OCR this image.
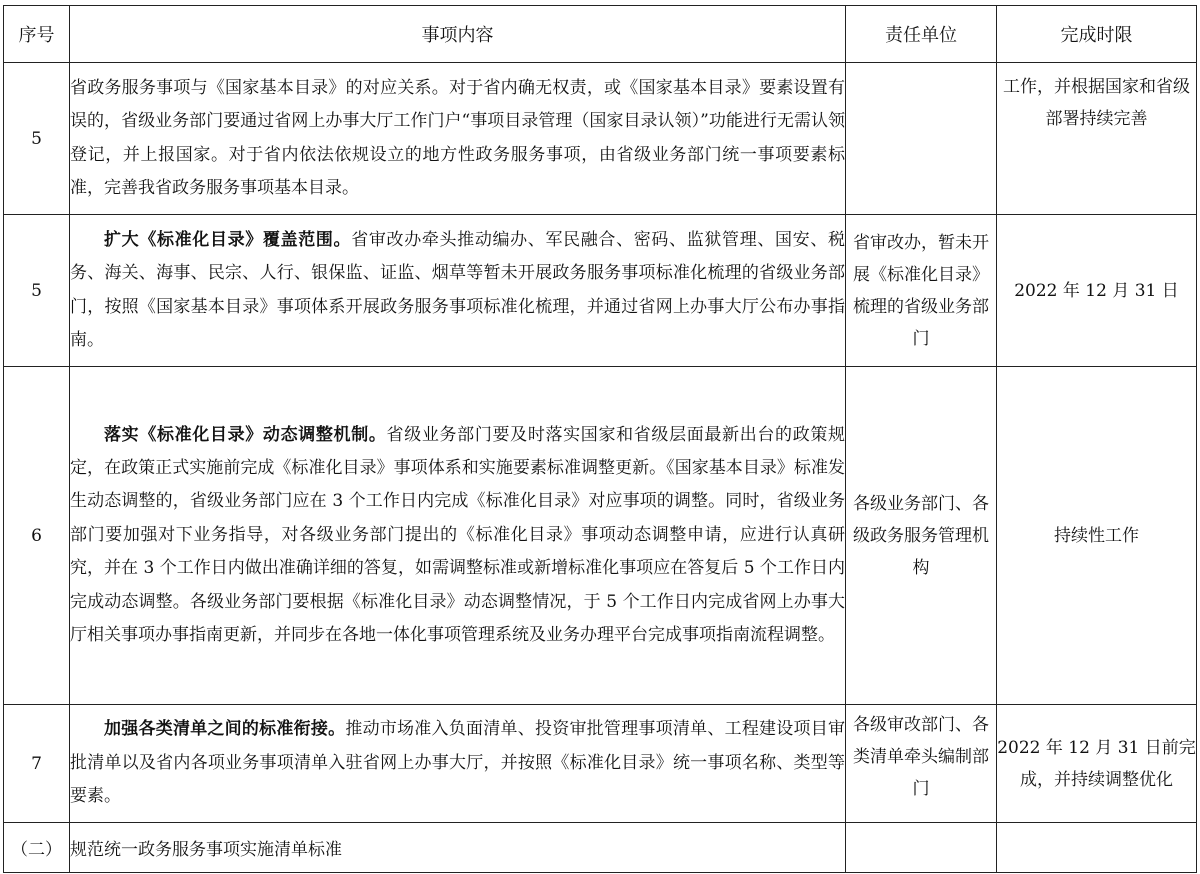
序号	事项内容	责任单位	完成时限
5	省政务服务事项与《国家基本目录》的对应关系。对于省内确无权责，或《国家基本目录》要素设置有误的，省级业务部门要通过省网上办事大厅工作门户“事项目录管理（国家目录认领）”功能进行无需认领登记，并上报国家。对于省内依法依规设立的地方性政务服务事项，由省级业务部门统一事项要素标准，完善我省政务服务事项基本目录。		工作，并根据国家和省级部署持续完善
5	扩大《标准化目录》覆盖范围。省审改办牵头推动编办、军民融合、密码、监狱管理、国安、税务、海关、海事、民宗、人行、银保监、证监、烟草等暂未开展政务服务事项标准化梳理的省级业务部门，按照《国家基本目录》事项体系开展政务服务事项标准化梳理，并通过省网上办事大厅公布办事指南。	省审改办，暂未开展《标准化目录》梳理的省级业务部门	2022 年 12 月 31 日
6	落实《标准化目录》动态调整机制。省级业务部门要及时落实国家和省级层面最新出台的政策规定，在政策正式实施前完成《标准化目录》事项体系和实施要素标准调整更新。《国家基本目录》标准发生动态调整的，省级业务部门应在 3 个工作日内完成《标准化目录》对应事项的调整。同时，省级业务部门要加强对下业务指导，对各级业务部门提出的《标准化目录》事项动态调整申请，应进行认真研究，并在 3 个工作日内做出准确详细的答复，如需调整标准或新增标准化事项应在答复后 5 个工作日内完成动态调整。各级业务部门要根据《标准化目录》动态调整情况，于 5 个工作日内完成省网上办事大厅相关事项办事指南更新，并同步在各地一体化事项管理系统及业务办理平台完成事项指南流程调整。	各级业务部门、各级政务服务管理机构	持续性工作
7	加强各类清单之间的标准衔接。推动市场准入负面清单、投资审批管理事项清单、工程建设项目审批清单以及省内各项业务事项清单入驻省网上办事大厅，并按照《标准化目录》统一事项名称、类型等要素。	各级审改部门、各类清单牵头编制部门	2022 年 12 月 31 日前完成，并持续调整优化
（二）	规范统一政务服务事项实施清单标准		
